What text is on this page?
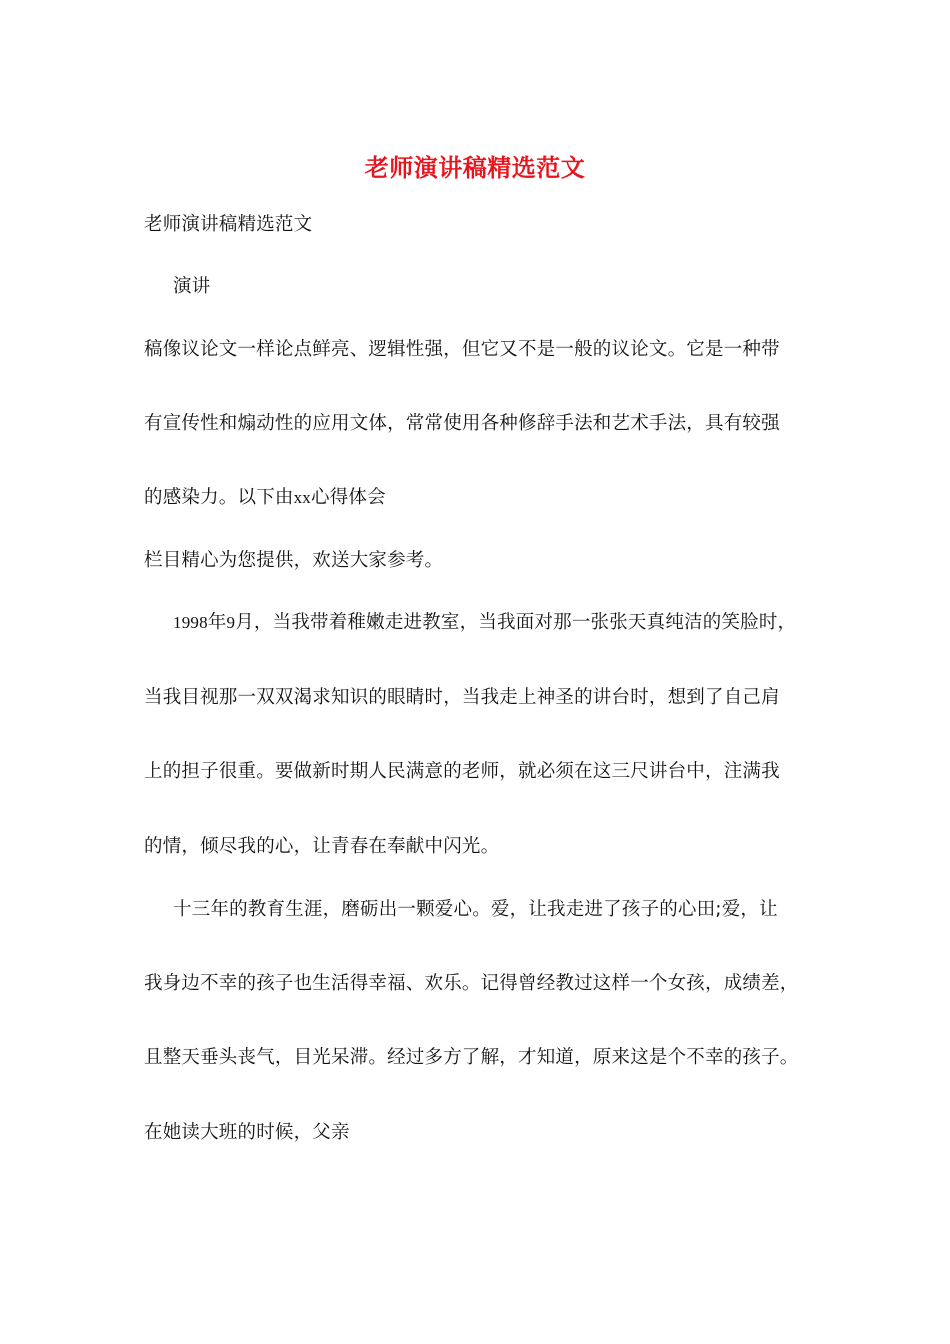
老师演讲稿精选范文
老师演讲稿精选范文
演讲
稿像议论文一样论点鲜亮、逻辑性强，但它又不是一般的议论文。它是一种带
有宣传性和煽动性的应用文体，常常使用各种修辞手法和艺术手法，具有较强
的感染力。以下由xx心得体会
栏目精心为您提供，欢送大家参考。
1998年9月，当我带着稚嫩走进教室，当我面对那一张张天真纯洁的笑脸时，
当我目视那一双双渴求知识的眼睛时，当我走上神圣的讲台时，想到了自己肩
上的担子很重。要做新时期人民满意的老师，就必须在这三尺讲台中，注满我
的情，倾尽我的心，让青春在奉献中闪光。
十三年的教育生涯，磨砺出一颗爱心。爱，让我走进了孩子的心田;爱，让
我身边不幸的孩子也生活得幸福、欢乐。记得曾经教过这样一个女孩，成绩差，
且整天垂头丧气，目光呆滞。经过多方了解，才知道，原来这是个不幸的孩子。
在她读大班的时候，父亲
